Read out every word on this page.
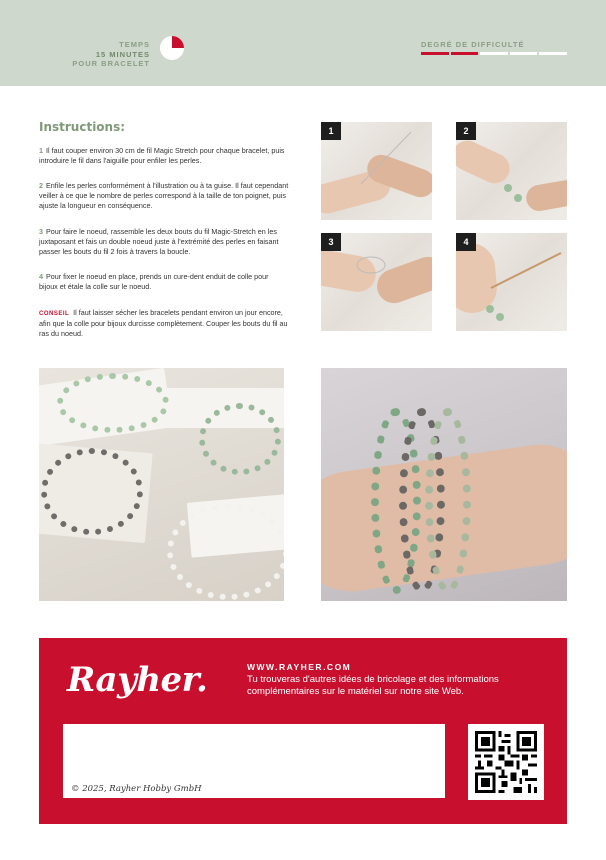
TEMPS
15 MINUTES
POUR BRACELET
DEGRÉ DE DIFFICULTÉ
Instructions:
1 Il faut couper environ 30 cm de fil Magic Stretch pour chaque bracelet, puis introduire le fil dans l'aiguille pour enfiler les perles.
2 Enfile les perles conformément à l'illustration ou à ta guise. Il faut cependant veiller à ce que le nombre de perles correspond à la taille de ton poignet, puis ajuste la longueur en conséquence.
3 Pour faire le noeud, rassemble les deux bouts du fil Magic-Stretch en les juxtaposant et fais un double noeud juste à l'extrémité des perles en faisant passer les bouts du fil 2 fois à travers la boucle.
4 Pour fixer le noeud en place, prends un cure-dent enduit de colle pour bijoux et étale la colle sur le noeud.
CONSEIL Il faut laisser sécher les bracelets pendant environ un jour encore, afin que la colle pour bijoux durcisse complètement. Couper les bouts du fil au ras du noeud.
1	2
3	4
Rayher.	WWW.RAYHER.COM
Tu trouveras d'autres idées de bricolage et des informations complémentaires sur le matériel sur notre site Web.
© 2025, Rayher Hobby GmbH
